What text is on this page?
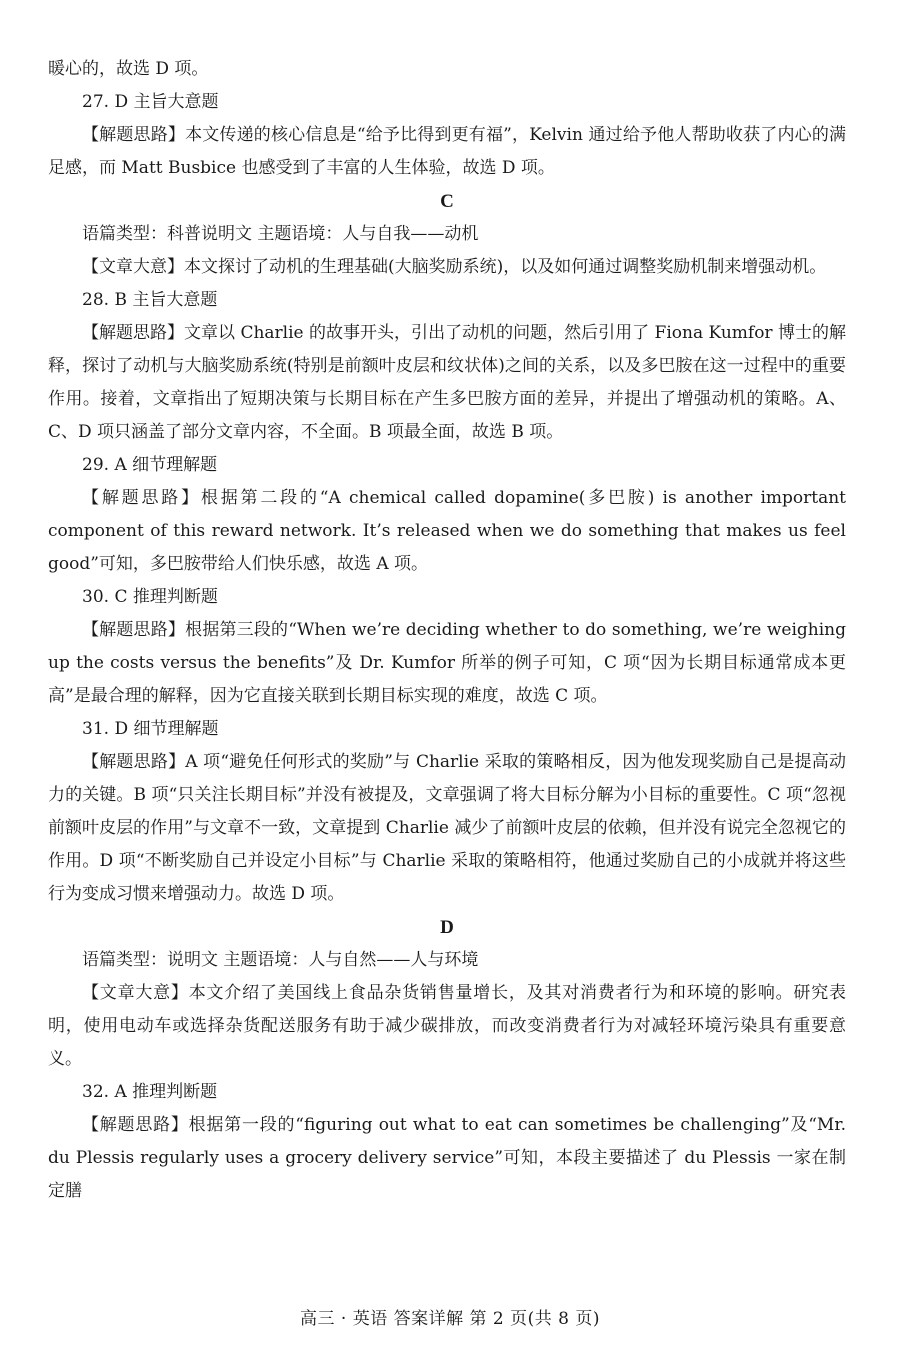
暖心的，故选 D 项。

27. D 主旨大意题

【解题思路】本文传递的核心信息是“给予比得到更有福”，Kelvin 通过给予他人帮助收获了内心的满足感，而 Matt Busbice 也感受到了丰富的人生体验，故选 D 项。

C

语篇类型：科普说明文 主题语境：人与自我——动机

【文章大意】本文探讨了动机的生理基础(大脑奖励系统)，以及如何通过调整奖励机制来增强动机。

28. B 主旨大意题

【解题思路】文章以 Charlie 的故事开头，引出了动机的问题，然后引用了 Fiona Kumfor 博士的解释，探讨了动机与大脑奖励系统(特别是前额叶皮层和纹状体)之间的关系，以及多巴胺在这一过程中的重要作用。接着，文章指出了短期决策与长期目标在产生多巴胺方面的差异，并提出了增强动机的策略。A、C、D 项只涵盖了部分文章内容，不全面。B 项最全面，故选 B 项。

29. A 细节理解题

【解题思路】根据第二段的“A chemical called dopamine(多巴胺) is another important component of this reward network. It’s released when we do something that makes us feel good”可知，多巴胺带给人们快乐感，故选 A 项。

30. C 推理判断题

【解题思路】根据第三段的“When we’re deciding whether to do something, we’re weighing up the costs versus the benefits”及 Dr. Kumfor 所举的例子可知，C 项“因为长期目标通常成本更高”是最合理的解释，因为它直接关联到长期目标实现的难度，故选 C 项。

31. D 细节理解题

【解题思路】A 项“避免任何形式的奖励”与 Charlie 采取的策略相反，因为他发现奖励自己是提高动力的关键。B 项“只关注长期目标”并没有被提及，文章强调了将大目标分解为小目标的重要性。C 项“忽视前额叶皮层的作用”与文章不一致，文章提到 Charlie 减少了前额叶皮层的依赖，但并没有说完全忽视它的作用。D 项“不断奖励自己并设定小目标”与 Charlie 采取的策略相符，他通过奖励自己的小成就并将这些行为变成习惯来增强动力。故选 D 项。

D

语篇类型：说明文 主题语境：人与自然——人与环境

【文章大意】本文介绍了美国线上食品杂货销售量增长，及其对消费者行为和环境的影响。研究表明，使用电动车或选择杂货配送服务有助于减少碳排放，而改变消费者行为对减轻环境污染具有重要意义。

32. A 推理判断题

【解题思路】根据第一段的“figuring out what to eat can sometimes be challenging”及“Mr. du Plessis regularly uses a grocery delivery service”可知，本段主要描述了 du Plessis 一家在制定膳

高三 · 英语 答案详解 第 2 页(共 8 页)
